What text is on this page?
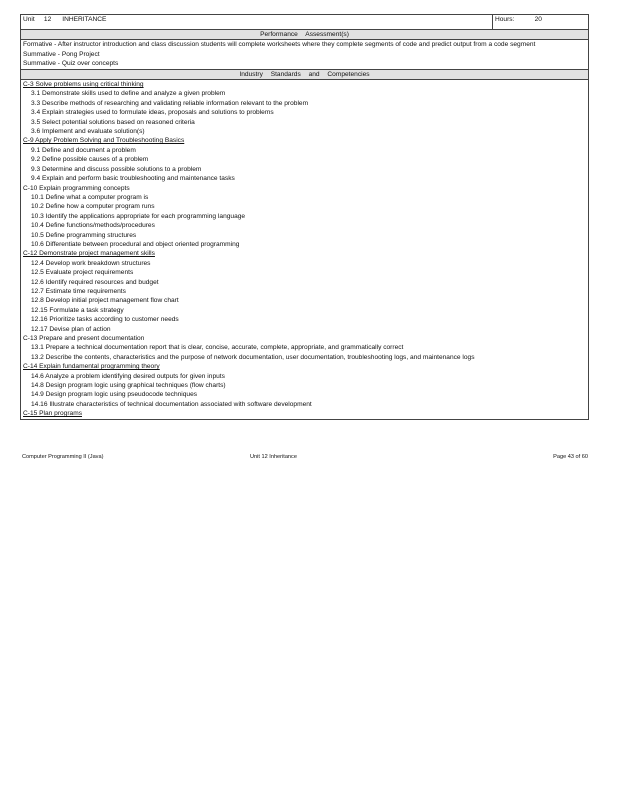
Unit 12 INHERITANCE	Hours:	20
Performance Assessment(s)

Formative - After instructor introduction and class discussion students will complete worksheets where they complete segments of code and predict output from a code segment
Summative - Pong Project
Summative - Quiz over concepts

Industry Standards and Competencies

C-3 Solve problems using critical thinking
3.1 Demonstrate skills used to define and analyze a given problem
3.3 Describe methods of researching and validating reliable information relevant to the problem
3.4 Explain strategies used to formulate ideas, proposals and solutions to problems
3.5 Select potential solutions based on reasoned criteria
3.6 Implement and evaluate solution(s)
C-9 Apply Problem Solving and Troubleshooting Basics
9.1 Define and document a problem
9.2 Define possible causes of a problem
9.3 Determine and discuss possible solutions to a problem
9.4 Explain and perform basic troubleshooting and maintenance tasks
C-10 Explain programming concepts
10.1 Define what a computer program is
10.2 Define how a computer program runs
10.3 Identify the applications appropriate for each programming language
10.4 Define functions/methods/procedures
10.5 Define programming structures
10.6 Differentiate between procedural and object oriented programming
C-12 Demonstrate project management skills
12.4 Develop work breakdown structures
12.5 Evaluate project requirements
12.6 Identify required resources and budget
12.7 Estimate time requirements
12.8 Develop initial project management flow chart
12.15 Formulate a task strategy
12.16 Prioritize tasks according to customer needs
12.17 Devise plan of action
C-13 Prepare and present documentation
13.1 Prepare a technical documentation report that is clear, concise, accurate, complete, appropriate, and grammatically correct
13.2 Describe the contents, characteristics and the purpose of network documentation, user documentation, troubleshooting logs, and maintenance logs
C-14 Explain fundamental programming theory
14.6 Analyze a problem identifying desired outputs for given inputs
14.8 Design program logic using graphical techniques (flow charts)
14.9 Design program logic using pseudocode techniques
14.16 Illustrate characteristics of technical documentation associated with software development
C-15 Plan programs
Computer Programming II (Java)	Unit 12 Inheritance	Page 43 of 60
